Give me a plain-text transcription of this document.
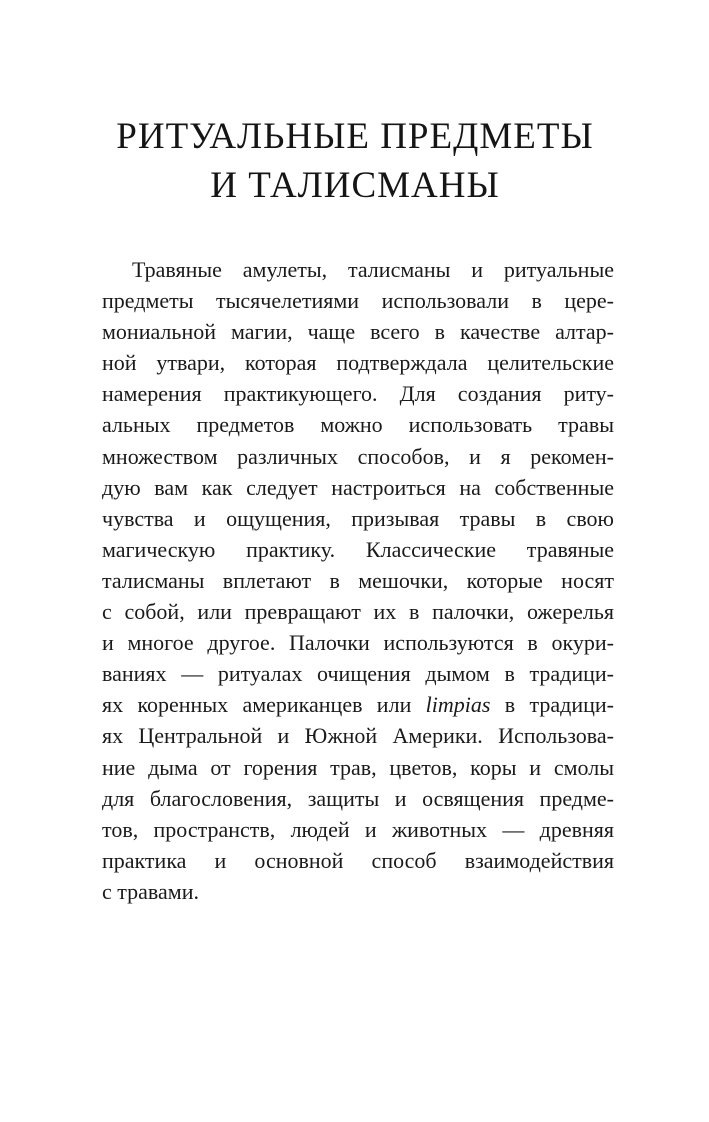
РИТУАЛЬНЫЕ ПРЕДМЕТЫ
И ТАЛИСМАНЫ
Травяные амулеты, талисманы и ритуальные
предметы тысячелетиями использовали в цере-
мониальной магии, чаще всего в качестве алтар-
ной утвари, которая подтверждала целительские
намерения практикующего. Для создания риту-
альных предметов можно использовать травы
множеством различных способов, и я рекомен-
дую вам как следует настроиться на собственные
чувства и ощущения, призывая травы в свою
магическую практику. Классические травяные
талисманы вплетают в мешочки, которые носят
с собой, или превращают их в палочки, ожерелья
и многое другое. Палочки используются в окури-
ваниях — ритуалах очищения дымом в традици-
ях коренных американцев или limpias в традици-
ях Центральной и Южной Америки. Использова-
ние дыма от горения трав, цветов, коры и смолы
для благословения, защиты и освящения предме-
тов, пространств, людей и животных — древняя
практика и основной способ взаимодействия
с травами.
